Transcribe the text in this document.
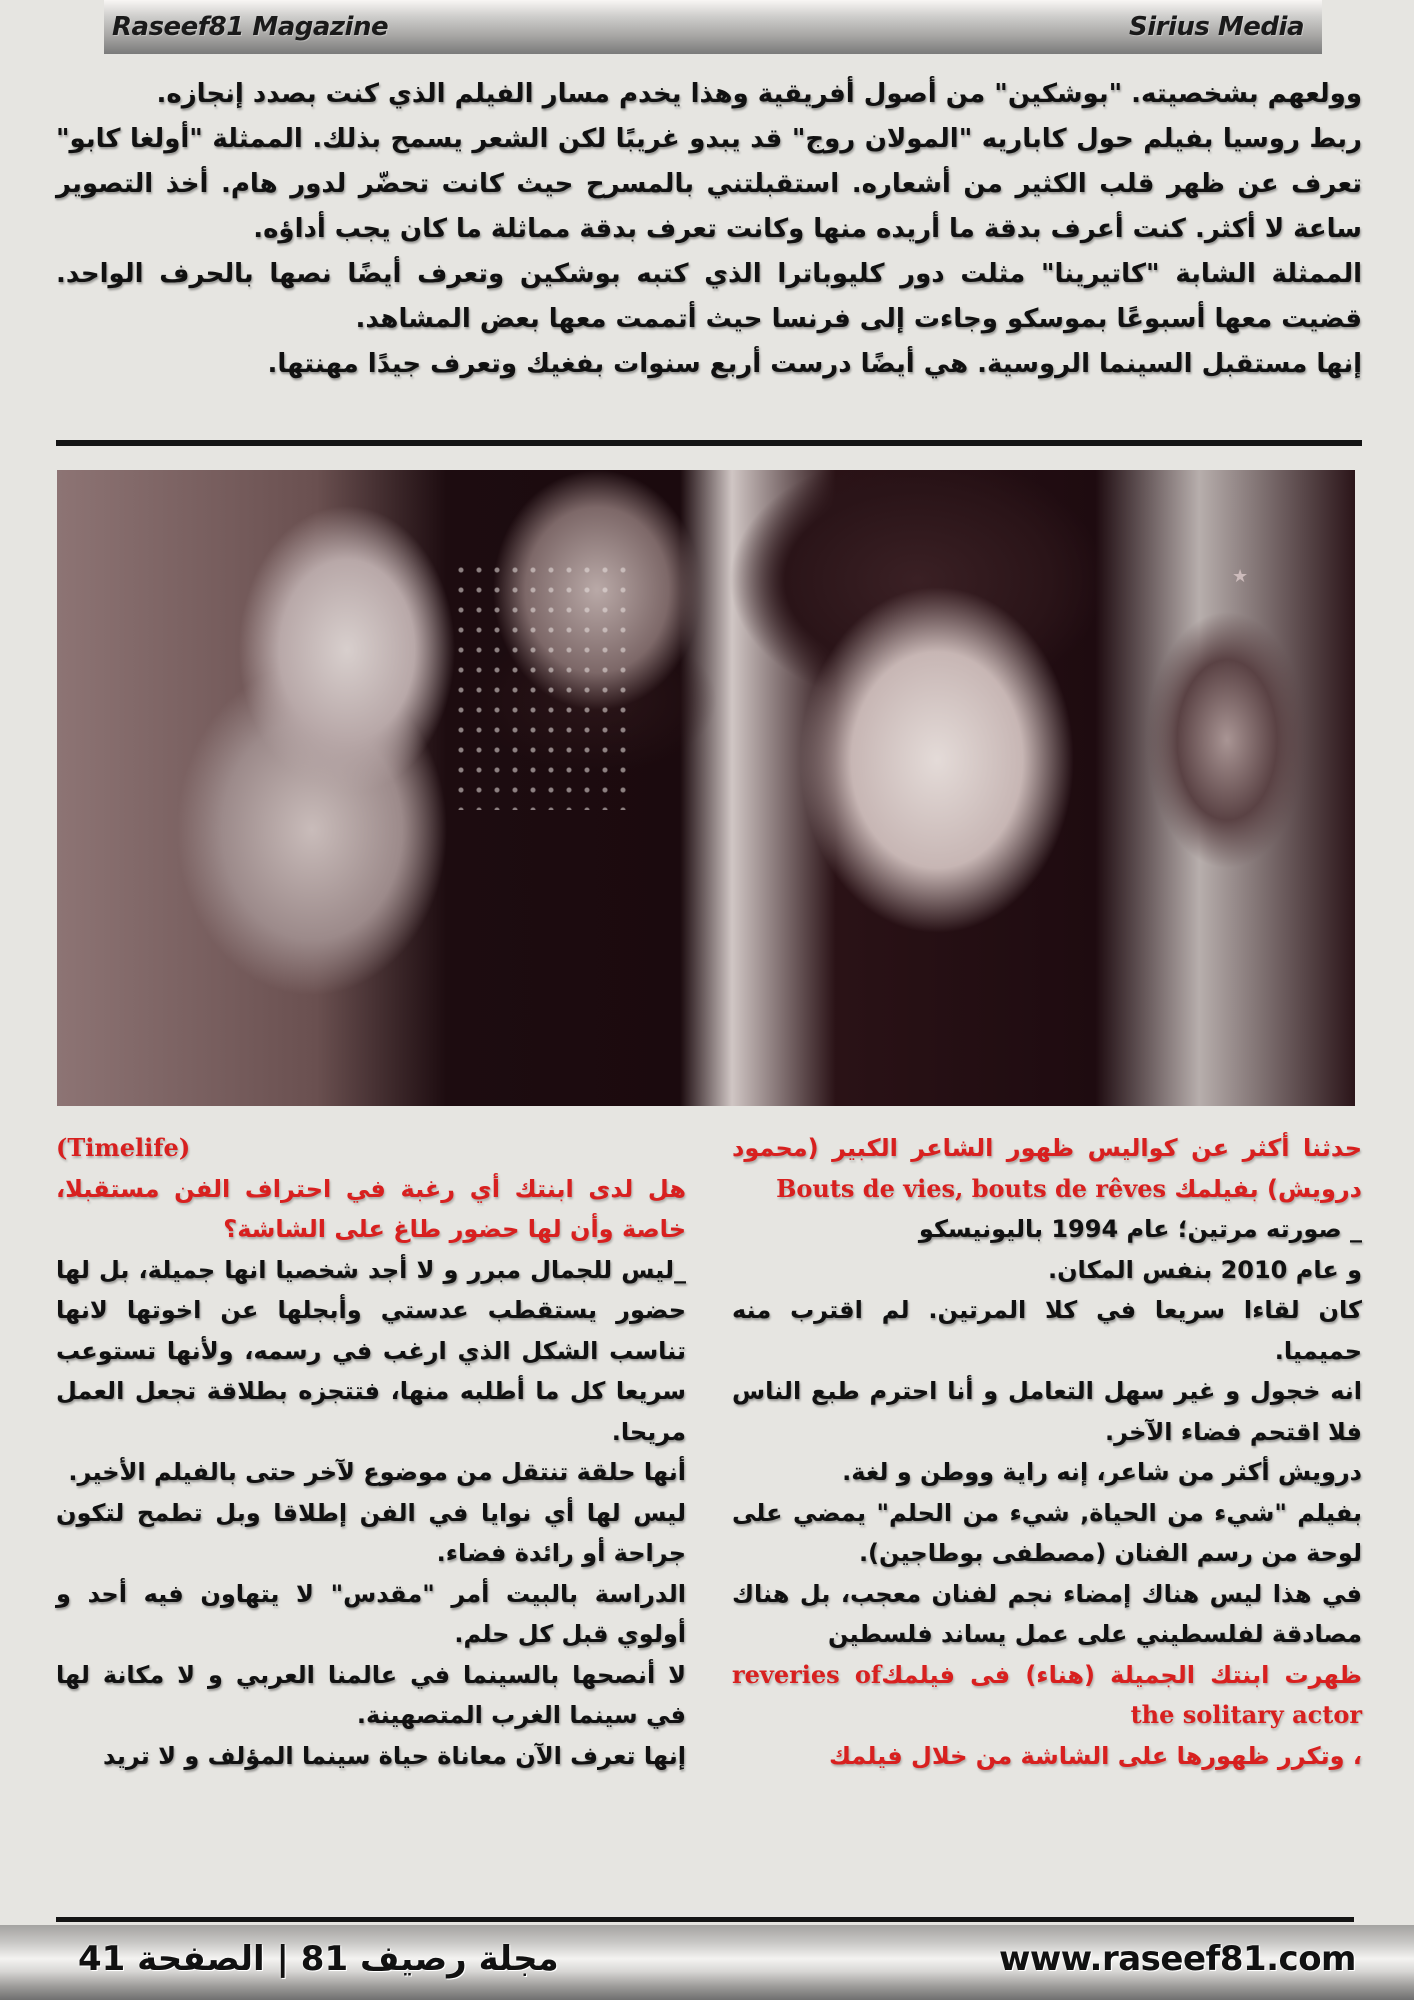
Raseef81 Magazine	Sirius Media

وولعهم بشخصيته. "بوشكين" من أصول أفريقية وهذا يخدم مسار الفيلم الذي كنت بصدد إنجازه.

ربط روسيا بفيلم حول كاباريه "المولان روج" قد يبدو غريبًا لكن الشعر يسمح بذلك. الممثلة "أولغا كابو" تعرف عن ظهر قلب الكثير من أشعاره. استقبلتني بالمسرح حيث كانت تحضّر لدور هام. أخذ التصوير ساعة لا أكثر. كنت أعرف بدقة ما أريده منها وكانت تعرف بدقة مماثلة ما كان يجب أداؤه.

الممثلة الشابة "كاتيرينا" مثلت دور كليوباترا الذي كتبه بوشكين وتعرف أيضًا نصها بالحرف الواحد. قضيت معها أسبوعًا بموسكو وجاءت إلى فرنسا حيث أتممت معها بعض المشاهد.

إنها مستقبل السينما الروسية. هي أيضًا درست أربع سنوات بفغيك وتعرف جيدًا مهنتها.

★

حدثنا أكثر عن كواليس ظهور الشاعر الكبير (محمود درويش) بفيلمك Bouts de vies, bouts de rêves

_ صورته مرتين؛ عام 1994 باليونيسكو

و عام 2010 بنفس المكان.

كان لقاءا سريعا في كلا المرتين. لم اقترب منه حميميا.

انه خجول و غير سهل التعامل و أنا احترم طبع الناس فلا اقتحم فضاء الآخر.

درويش أكثر من شاعر، إنه راية ووطن و لغة.

بفيلم "شيء من الحياة, شيء من الحلم" يمضي على لوحة من رسم الفنان (مصطفى بوطاجين).

في هذا ليس هناك إمضاء نجم لفنان معجب، بل هناك مصادقة لفلسطيني على عمل يساند فلسطين

ظهرت ابنتك الجميلة (هناء) فى فيلمكreveries of the solitary actor

، وتكرر ظهورها على الشاشة من خلال فيلمك

(Timelife)

هل لدى ابنتك أي رغبة في احتراف الفن مستقبلا، خاصة وأن لها حضور طاغ على الشاشة؟

_ليس للجمال مبرر و لا أجد شخصيا انها جميلة، بل لها حضور يستقطب عدستي وأبجلها عن اخوتها لانها تناسب الشكل الذي ارغب في رسمه، ولأنها تستوعب سريعا كل ما أطلبه منها، فتتجزه بطلاقة تجعل العمل مريحا.

أنها حلقة تنتقل من موضوع لآخر حتى بالفيلم الأخير.

ليس لها أي نوايا في الفن إطلاقا وبل تطمح لتكون جراحة أو رائدة فضاء.

الدراسة بالبيت أمر "مقدس" لا يتهاون فيه أحد و أولوي قبل كل حلم.

لا أنصحها بالسينما في عالمنا العربي و لا مكانة لها في سينما الغرب المتصهينة.

إنها تعرف الآن معاناة حياة سينما المؤلف و لا تريد

مجلة رصيف 81 | الصفحة 41	www.raseef81.com
